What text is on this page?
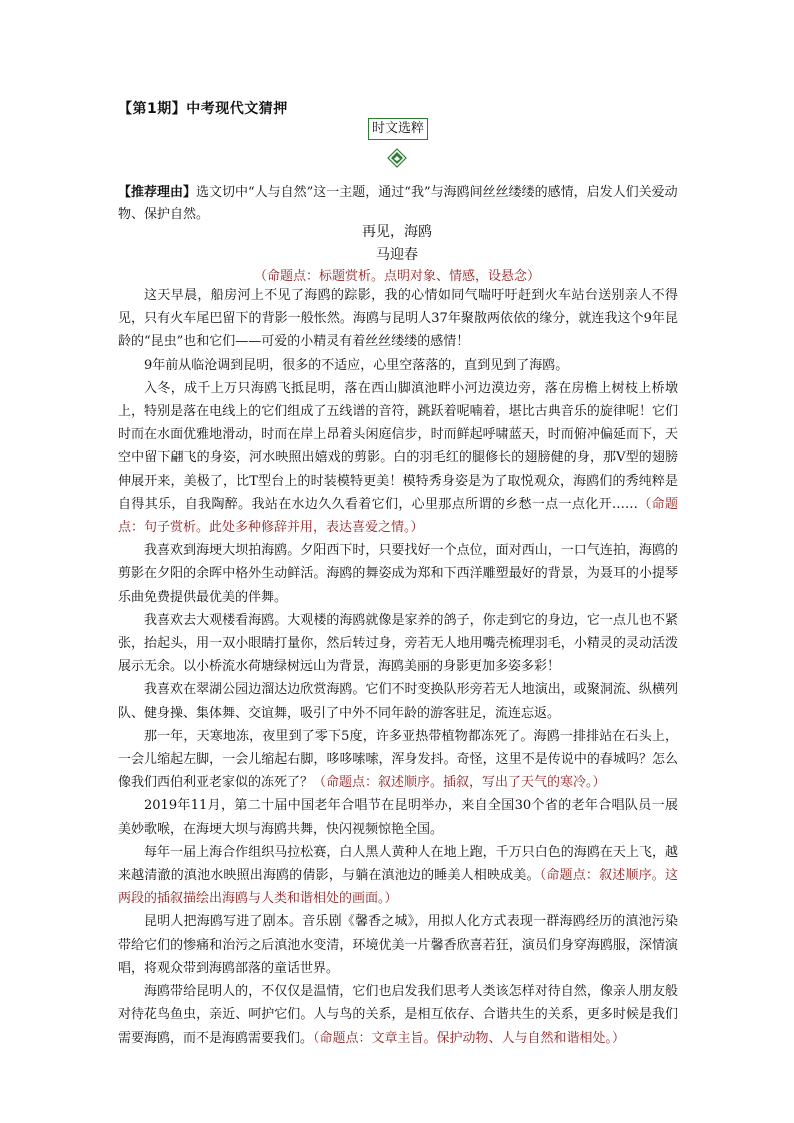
【第1期】中考现代文猜押
时文选粹
【推荐理由】选文切中“人与自然”这一主题，通过“我”与海鸥间丝丝缕缕的感情，启发人们关爱动物、保护自然。
再见，海鸥
马迎春
（命题点：标题赏析。点明对象、情感，设悬念）

这天早晨，船房河上不见了海鸥的踪影，我的心情如同气喘吁吁赶到火车站台送别亲人不得见，只有火车尾巴留下的背影一般怅然。海鸥与昆明人37年聚散两依依的缘分，就连我这个9年昆龄的“昆虫”也和它们——可爱的小精灵有着丝丝缕缕的感情！

9年前从临沧调到昆明，很多的不适应，心里空落落的，直到见到了海鸥。

入冬，成千上万只海鸥飞抵昆明，落在西山脚滇池畔小河边漠边旁，落在房檐上树枝上桥墩上，特别是落在电线上的它们组成了五线谱的音符，跳跃着呢喃着，堪比古典音乐的旋律呢！它们时而在水面优雅地滑动，时而在岸上昂着头闲庭信步，时而鲜起呼啸蓝天，时而俯冲偏延而下，天空中留下翩飞的身姿，河水映照出嬉戏的剪影。白的羽毛红的腿修长的翅膀健的身，那V型的翅膀伸展开来，美极了，比T型台上的时装模特更美！模特秀身姿是为了取悦观众，海鸥们的秀纯粹是自得其乐，自我陶醉。我站在水边久久看着它们，心里那点所谓的乡愁一点一点化开……（命题点：句子赏析。此处多种修辞并用，表达喜爱之情。）

我喜欢到海埂大坝拍海鸥。夕阳西下时，只要找好一个点位，面对西山，一口气连拍，海鸥的剪影在夕阳的余晖中格外生动鲜活。海鸥的舞姿成为郑和下西洋雕塑最好的背景，为聂耳的小提琴乐曲免费提供最优美的伴舞。

我喜欢去大观楼看海鸥。大观楼的海鸥就像是家养的鸽子，你走到它的身边，它一点儿也不紧张，抬起头，用一双小眼睛打量你，然后转过身，旁若无人地用嘴壳梳理羽毛，小精灵的灵动活泼展示无余。以小桥流水荷塘绿树远山为背景，海鸥美丽的身影更加多姿多彩！

我喜欢在翠湖公园边溜达边欣赏海鸥。它们不时变换队形旁若无人地演出，或聚洞流、纵横列队、健身操、集体舞、交谊舞，吸引了中外不同年龄的游客驻足，流连忘返。

那一年，天寒地冻，夜里到了零下5度，许多亚热带植物都冻死了。海鸥一排排站在石头上，一会儿缩起左脚，一会儿缩起右脚，哆哆嗦嗦，浑身发抖。奇怪，这里不是传说中的春城吗？怎么像我们西伯利亚老家似的冻死了？（命题点：叙述顺序。插叙，写出了天气的寒冷。）

2019年11月，第二十届中国老年合唱节在昆明举办，来自全国30个省的老年合唱队员一展美妙歌喉，在海埂大坝与海鸥共舞，快闪视频惊艳全国。

每年一届上海合作组织马拉松赛，白人黑人黄种人在地上跑，千万只白色的海鸥在天上飞，越来越清澈的滇池水映照出海鸥的倩影，与躺在滇池边的睡美人相映成美。（命题点：叙述顺序。这两段的插叙描绘出海鸥与人类和谐相处的画面。）

昆明人把海鸥写进了剧本。音乐剧《馨香之城》，用拟人化方式表现一群海鸥经历的滇池污染带给它们的惨痛和治污之后滇池水变清，环境优美一片馨香欣喜若狂，演员们身穿海鸥服，深情演唱，将观众带到海鸥部落的童话世界。

海鸥带给昆明人的，不仅仅是温情，它们也启发我们思考人类该怎样对待自然，像亲人朋友般对待花鸟鱼虫，亲近、呵护它们。人与鸟的关系，是相互依存、合谐共生的关系，更多时候是我们需要海鸥，而不是海鸥需要我们。（命题点：文章主旨。保护动物、人与自然和谐相处。）
